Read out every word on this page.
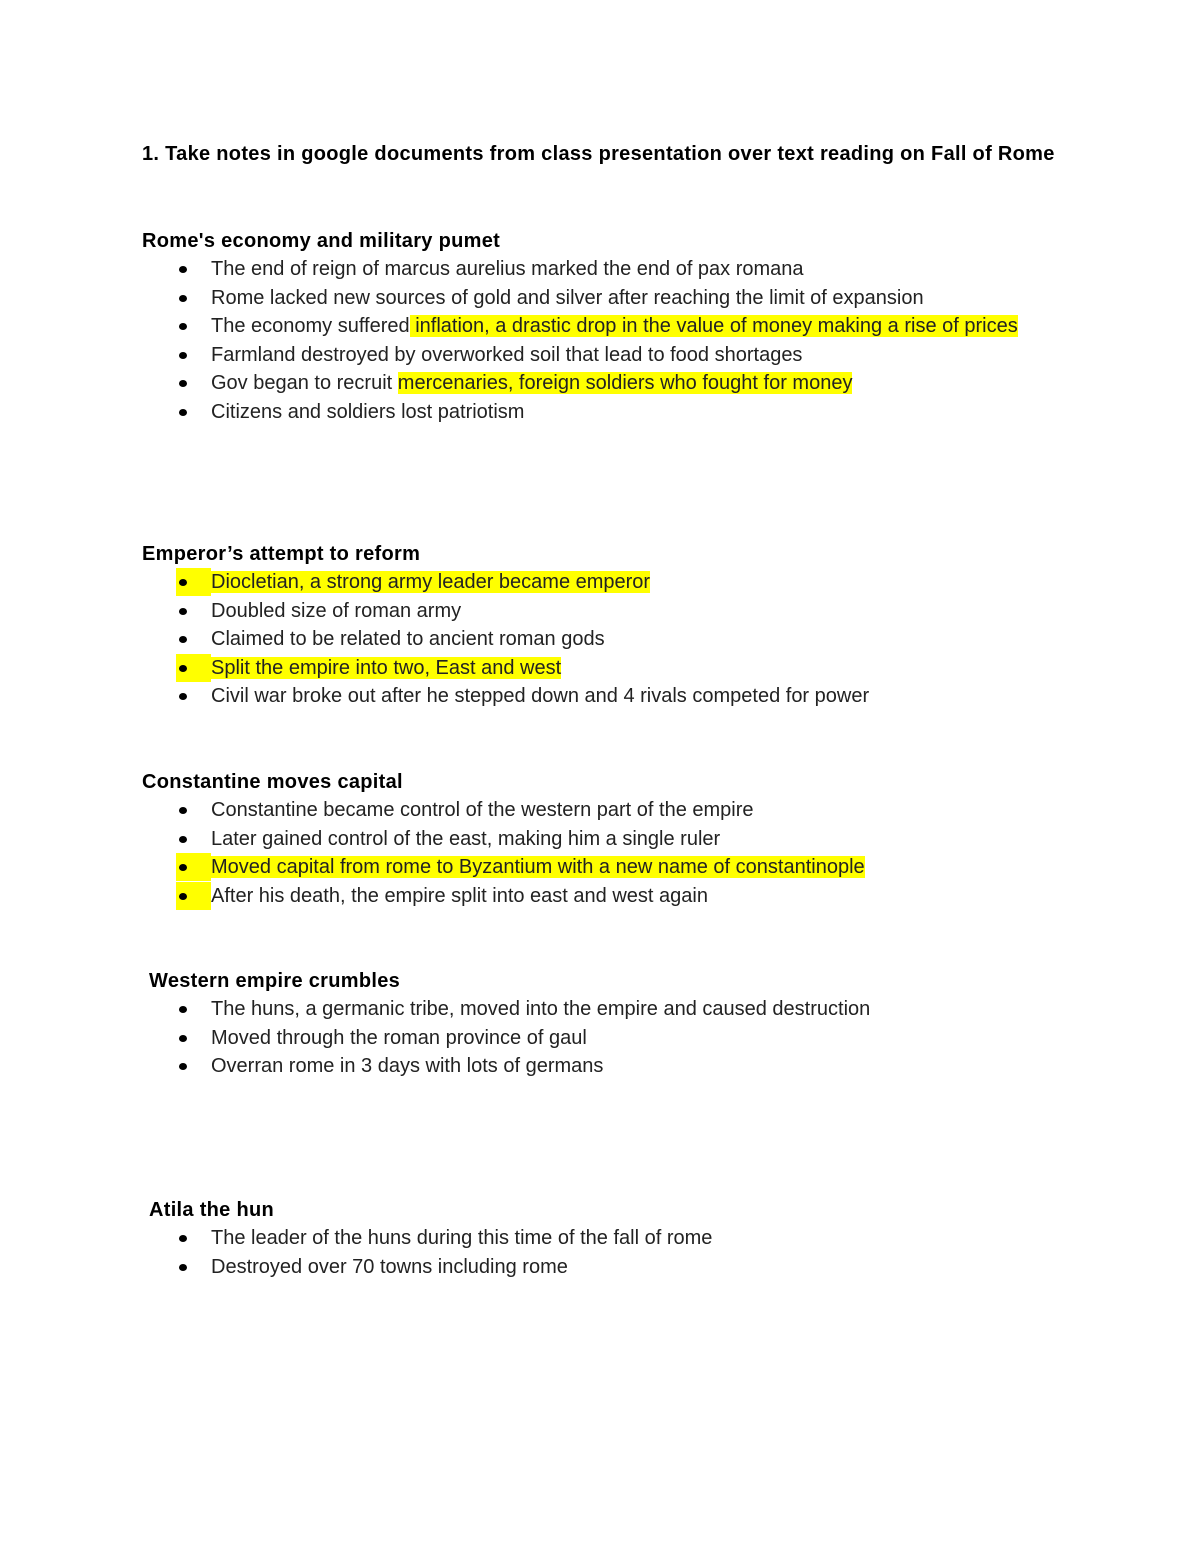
1. Take notes in google documents from class presentation over text reading on Fall of Rome
Rome's economy and military pumet
The end of reign of marcus aurelius marked the end of pax romana
Rome lacked new sources of gold and silver after reaching the limit of expansion
The economy suffered inflation, a drastic drop in the value of money making a rise of prices
Farmland destroyed by overworked soil that lead to food shortages
Gov began to recruit mercenaries, foreign soldiers who fought for money
Citizens and soldiers lost patriotism
Emperor’s attempt to reform
Diocletian, a strong army leader became emperor
Doubled size of roman army
Claimed to be related to ancient roman gods
Split the empire into two, East and west
Civil war broke out after he stepped down and 4 rivals competed for power
Constantine moves capital
Constantine became control of the western part of the empire
Later gained control of the east, making him a single ruler
Moved capital from rome to Byzantium with a new name of constantinople
After his death, the empire split into east and west again
Western empire crumbles
The huns, a germanic tribe, moved into the empire and caused destruction
Moved through the roman province of gaul
Overran rome in 3 days with lots of germans
Atila the hun
The leader of the huns during this time of the fall of rome
Destroyed over 70 towns including rome
